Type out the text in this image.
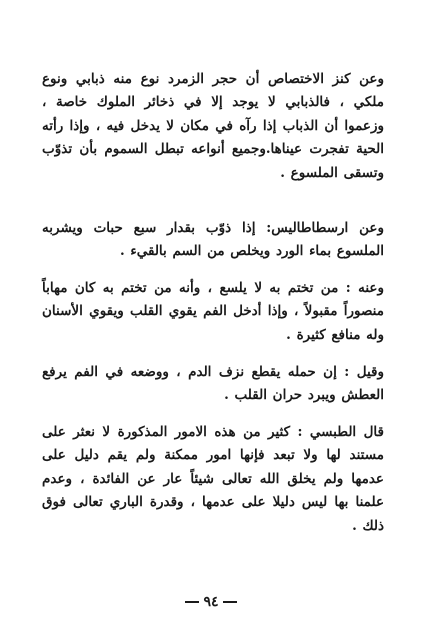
وعن كنز الاختصاص أن حجر الزمرد نوع منه ذبابي ونوع ملكي ، فالذبابي لا يوجد إلا في ذخائر الملوك خاصة ، وزعموا أن الذباب إذا رآه في مكان لا يدخل فيه ، وإذا رأته الحية تفجرت عيناها.وجميع أنواعه تبطل السموم بأن تذوّب وتسقى الملسوع .

وعن ارسطاطاليس: إذا ذوّب بقدار سبع حبات ويشربه الملسوع بماء الورد ويخلص من السم بالقيء .

وعنه : من تختم به لا يلسع ، وأنه من تختم به كان مهاباً منصوراً مقبولاً ، وإذا أدخل الفم يقوي القلب ويقوي الأسنان وله منافع كثيرة .

وقيل : إن حمله يقطع نزف الدم ، ووضعه في الفم يرفع العطش ويبرد حران القلب .

قال الطبسي : كثير من هذه الامور المذكورة لا نعثر على مستند لها ولا تبعد فإنها امور ممكنة ولم يقم دليل على عدمها ولم يخلق الله تعالى شيئاً عار عن الفائدة ، وعدم علمنا بها ليس دليلا على عدمها ، وقدرة الباري تعالى فوق ذلك .

٩٤
